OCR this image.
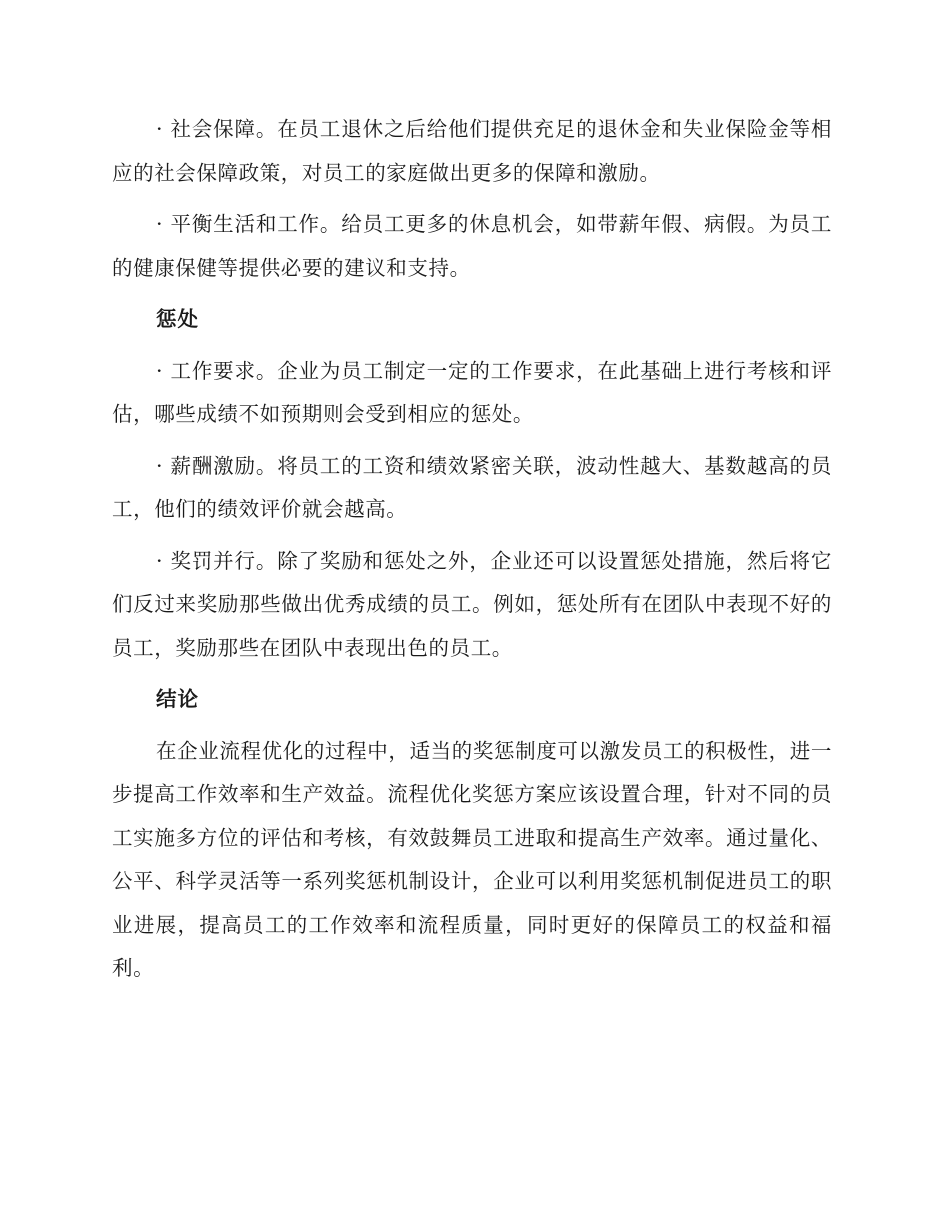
· 社会保障。在员工退休之后给他们提供充足的退休金和失业保险金等相应的社会保障政策，对员工的家庭做出更多的保障和激励。

· 平衡生活和工作。给员工更多的休息机会，如带薪年假、病假。为员工的健康保健等提供必要的建议和支持。

惩处

· 工作要求。企业为员工制定一定的工作要求，在此基础上进行考核和评估，哪些成绩不如预期则会受到相应的惩处。

· 薪酬激励。将员工的工资和绩效紧密关联，波动性越大、基数越高的员工，他们的绩效评价就会越高。

· 奖罚并行。除了奖励和惩处之外，企业还可以设置惩处措施，然后将它们反过来奖励那些做出优秀成绩的员工。例如，惩处所有在团队中表现不好的员工，奖励那些在团队中表现出色的员工。

结论

在企业流程优化的过程中，适当的奖惩制度可以激发员工的积极性，进一步提高工作效率和生产效益。流程优化奖惩方案应该设置合理，针对不同的员工实施多方位的评估和考核，有效鼓舞员工进取和提高生产效率。通过量化、公平、科学灵活等一系列奖惩机制设计，企业可以利用奖惩机制促进员工的职业进展，提高员工的工作效率和流程质量，同时更好的保障员工的权益和福利。
